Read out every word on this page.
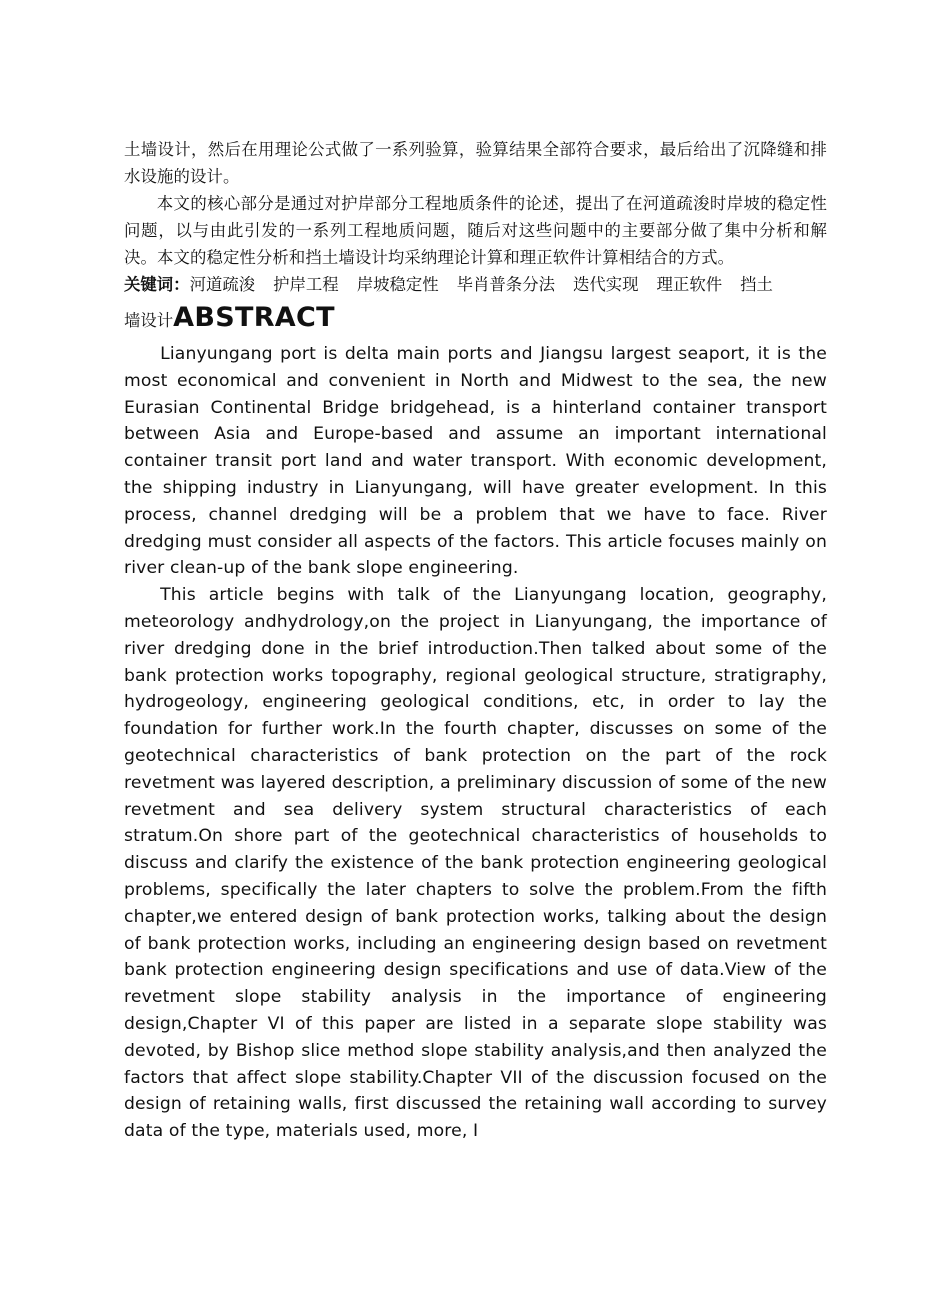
土墙设计，然后在用理论公式做了一系列验算，验算结果全部符合要求，最后给出了沉降缝和排水设施的设计。

本文的核心部分是通过对护岸部分工程地质条件的论述，提出了在河道疏浚时岸坡的稳定性问题，以与由此引发的一系列工程地质问题，随后对这些问题中的主要部分做了集中分析和解决。本文的稳定性分析和挡土墙设计均采纳理论计算和理正软件计算相结合的方式。

关键词：河道疏浚 护岸工程 岸坡稳定性 毕肖普条分法 迭代实现 理正软件 挡土

墙设计ABSTRACT

Lianyungang port is delta main ports and Jiangsu largest seaport, it is the most economical and convenient in North and Midwest to the sea, the new Eurasian Continental Bridge bridgehead, is a hinterland container transport between Asia and Europe-based and assume an important international container transit port land and water transport. With economic development, the shipping industry in Lianyungang, will have greater evelopment. In this process, channel dredging will be a problem that we have to face. River dredging must consider all aspects of the factors. This article focuses mainly on river clean-up of the bank slope engineering.

This article begins with talk of the Lianyungang location, geography, meteorology andhydrology,on the project in Lianyungang, the importance of river dredging done in the brief introduction.Then talked about some of the bank protection works topography, regional geological structure, stratigraphy, hydrogeology, engineering geological conditions, etc, in order to lay the foundation for further work.In the fourth chapter, discusses on some of the geotechnical characteristics of bank protection on the part of the rock revetment was layered description, a preliminary discussion of some of the new revetment and sea delivery system structural characteristics of each stratum.On shore part of the geotechnical characteristics of households to discuss and clarify the existence of the bank protection engineering geological problems, specifically the later chapters to solve the problem.From the fifth chapter,we entered design of bank protection works, talking about the design of bank protection works, including an engineering design based on revetment bank protection engineering design specifications and use of data.View of the revetment slope stability analysis in the importance of engineering design,Chapter VI of this paper are listed in a separate slope stability was devoted, by Bishop slice method slope stability analysis,and then analyzed the factors that affect slope stability.Chapter VII of the discussion focused on the design of retaining walls, first discussed the retaining wall according to survey data of the type, materials used, more, I
